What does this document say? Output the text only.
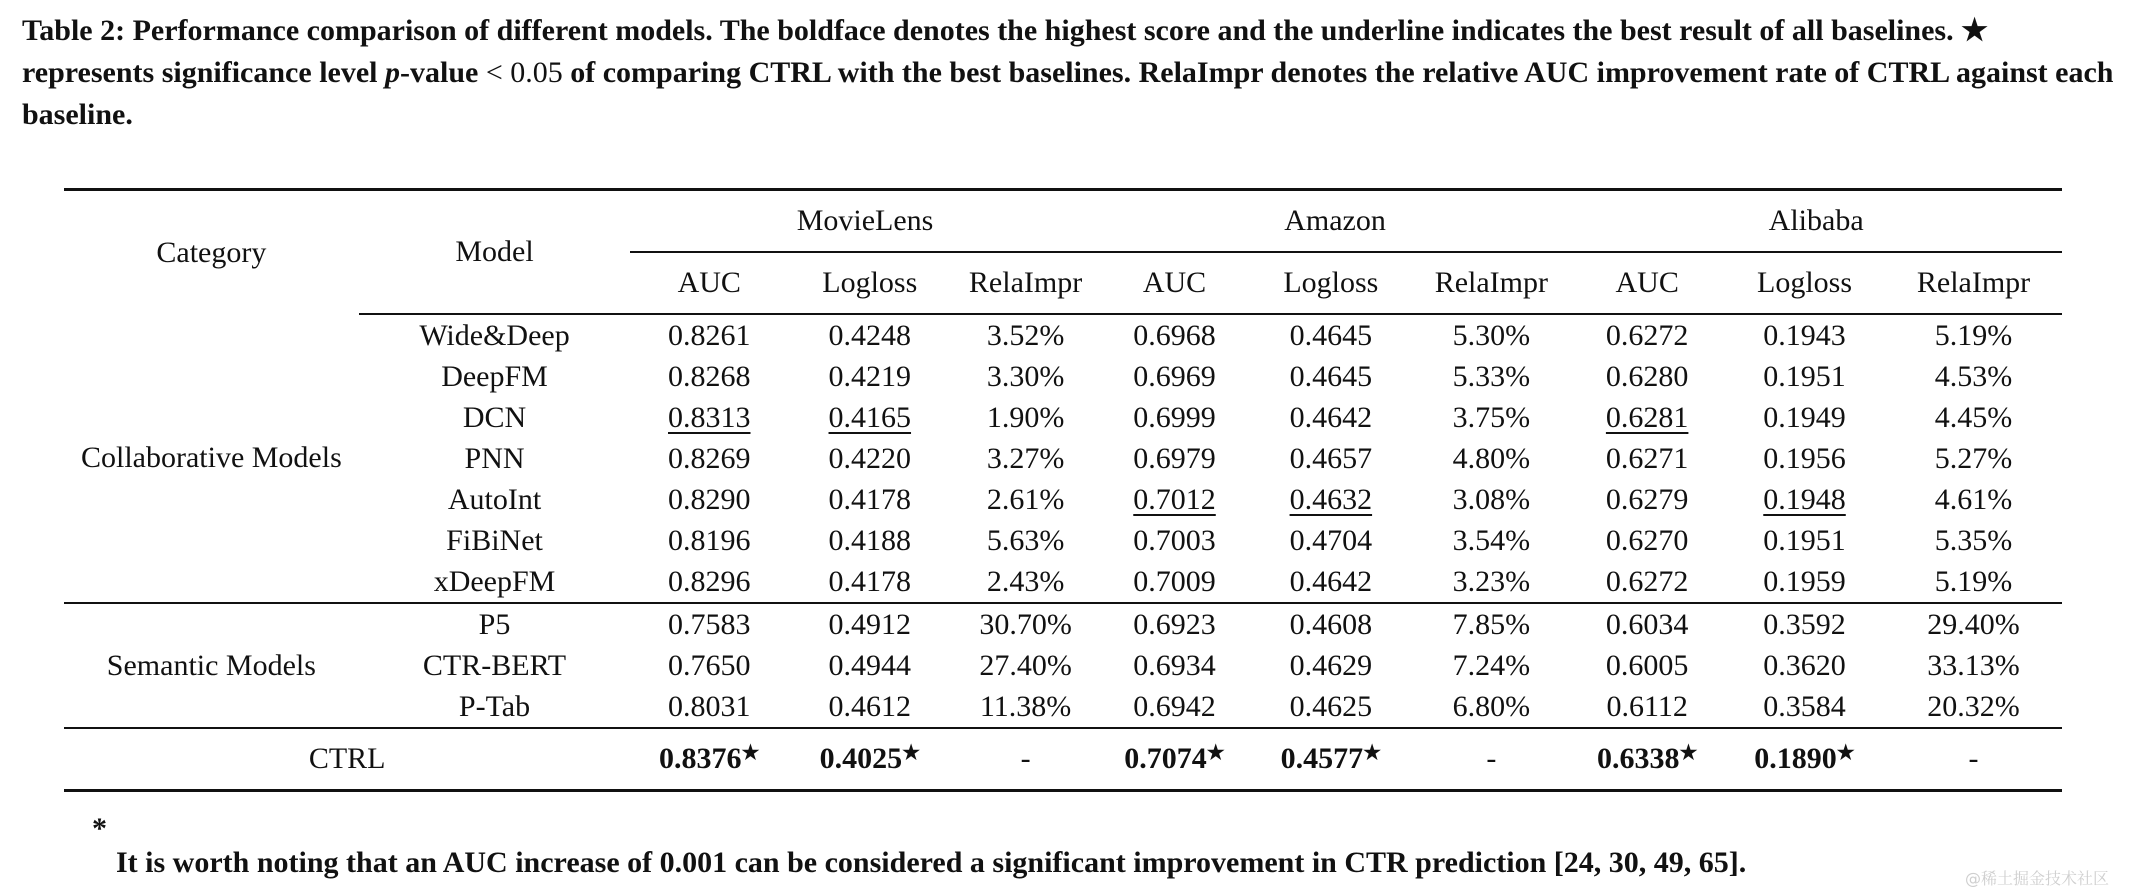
Table 2: Performance comparison of different models. The boldface denotes the highest score and the underline indicates the best result of all baselines. ★ represents significance level p-value < 0.05 of comparing CTRL with the best baselines. RelaImpr denotes the relative AUC improvement rate of CTRL against each baseline.

Category	Model	MovieLens			Amazon			Alibaba		
		AUC	Logloss	RelaImpr	AUC	Logloss	RelaImpr	AUC	Logloss	RelaImpr
Collaborative Models	Wide&Deep	0.8261	0.4248	3.52%	0.6968	0.4645	5.30%	0.6272	0.1943	5.19%
	DeepFM	0.8268	0.4219	3.30%	0.6969	0.4645	5.33%	0.6280	0.1951	4.53%
	DCN	0.8313	0.4165	1.90%	0.6999	0.4642	3.75%	0.6281	0.1949	4.45%
	PNN	0.8269	0.4220	3.27%	0.6979	0.4657	4.80%	0.6271	0.1956	5.27%
	AutoInt	0.8290	0.4178	2.61%	0.7012	0.4632	3.08%	0.6279	0.1948	4.61%
	FiBiNet	0.8196	0.4188	5.63%	0.7003	0.4704	3.54%	0.6270	0.1951	5.35%
	xDeepFM	0.8296	0.4178	2.43%	0.7009	0.4642	3.23%	0.6272	0.1959	5.19%
Semantic Models	P5	0.7583	0.4912	30.70%	0.6923	0.4608	7.85%	0.6034	0.3592	29.40%
	CTR-BERT	0.7650	0.4944	27.40%	0.6934	0.4629	7.24%	0.6005	0.3620	33.13%
	P-Tab	0.8031	0.4612	11.38%	0.6942	0.4625	6.80%	0.6112	0.3584	20.32%
CTRL		0.8376★	0.4025★	-	0.7074★	0.4577★	-	0.6338★	0.1890★	-
*
It is worth noting that an AUC increase of 0.001 can be considered a significant improvement in CTR prediction [24, 30, 49, 65].	@稀土掘金技术社区
